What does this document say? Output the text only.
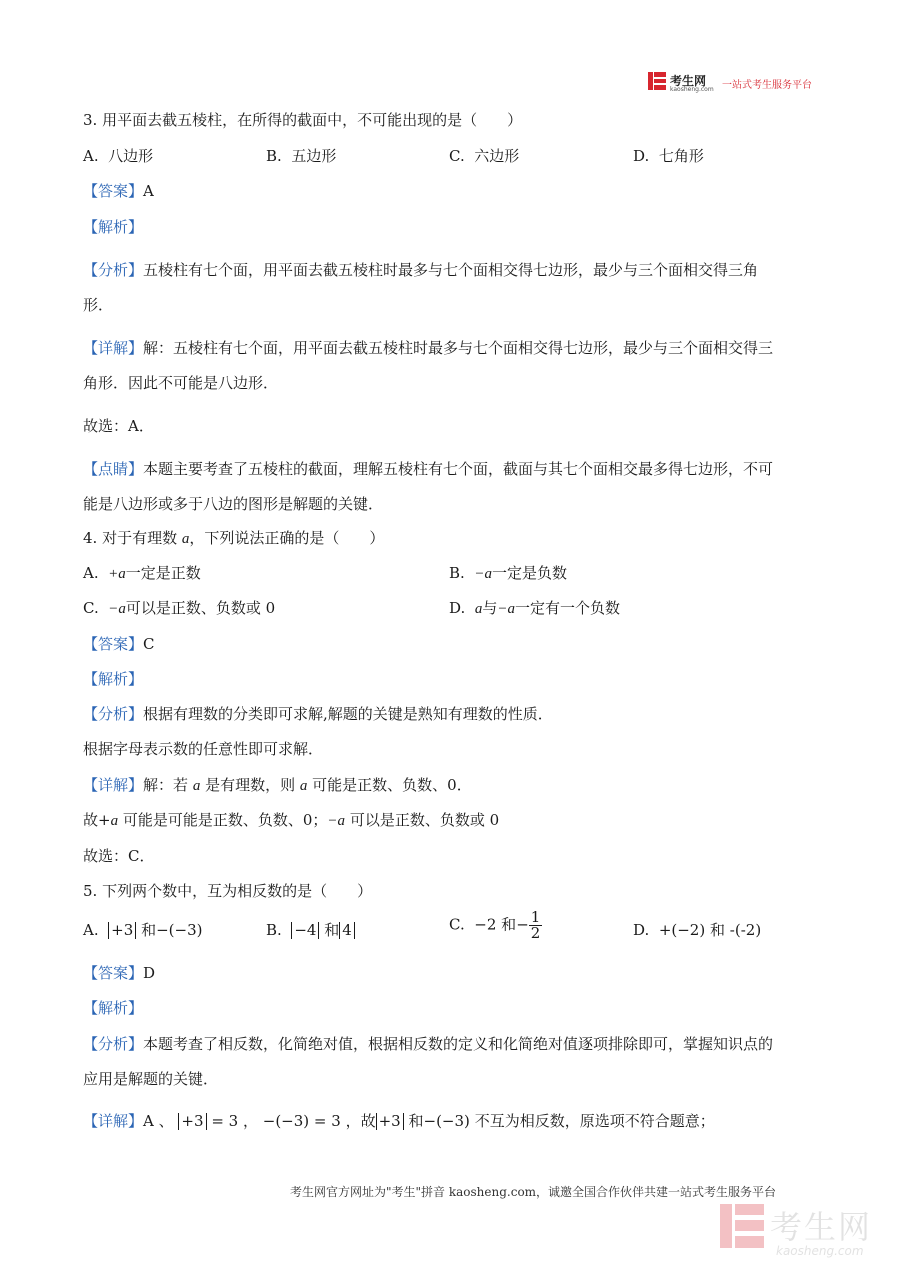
考生网
kaosheng.com 一站式考生服务平台
3. 用平面去截五棱柱，在所得的截面中，不可能出现的是（　　）
A. 八边形	B. 五边形	C. 六边形	D. 七角形
【答案】A
【解析】
【分析】五棱柱有七个面，用平面去截五棱柱时最多与七个面相交得七边形，最少与三个面相交得三角
形．
【详解】解：五棱柱有七个面，用平面去截五棱柱时最多与七个面相交得七边形，最少与三个面相交得三
角形．因此不可能是八边形．
故选：A．
【点睛】本题主要考查了五棱柱的截面，理解五棱柱有七个面，截面与其七个面相交最多得七边形，不可
能是八边形或多于八边的图形是解题的关键．
4. 对于有理数 a，下列说法正确的是（　　）
A. +a一定是正数	B. −a一定是负数
C. −a可以是正数、负数或 0	D. a与−a一定有一个负数
【答案】C
【解析】
【分析】根据有理数的分类即可求解,解题的关键是熟知有理数的性质．
根据字母表示数的任意性即可求解．
【详解】解：若 a 是有理数，则 a 可能是正数、负数、0．
故+a 可能是可能是正数、负数、0；−a 可以是正数、负数或 0
故选：C．
5. 下列两个数中，互为相反数的是（　　）
A. +3 和−(−3)	B. −4 和 4	C. −2 和− $\frac{1}{2}$	D. +(−2) 和 -(-2)
【答案】D
【解析】
【分析】本题考查了相反数，化简绝对值，根据相反数的定义和化简绝对值逐项排除即可，掌握知识点的
应用是解题的关键．
【详解】A 、 +3 = 3 ， −(−3) = 3 ，故 +3 和−(−3) 不互为相反数，原选项不符合题意；
考生网官方网址为"考生"拼音 kaosheng.com，诚邀全国合作伙伴共建一站式考生服务平台
考生网
kaosheng.com
